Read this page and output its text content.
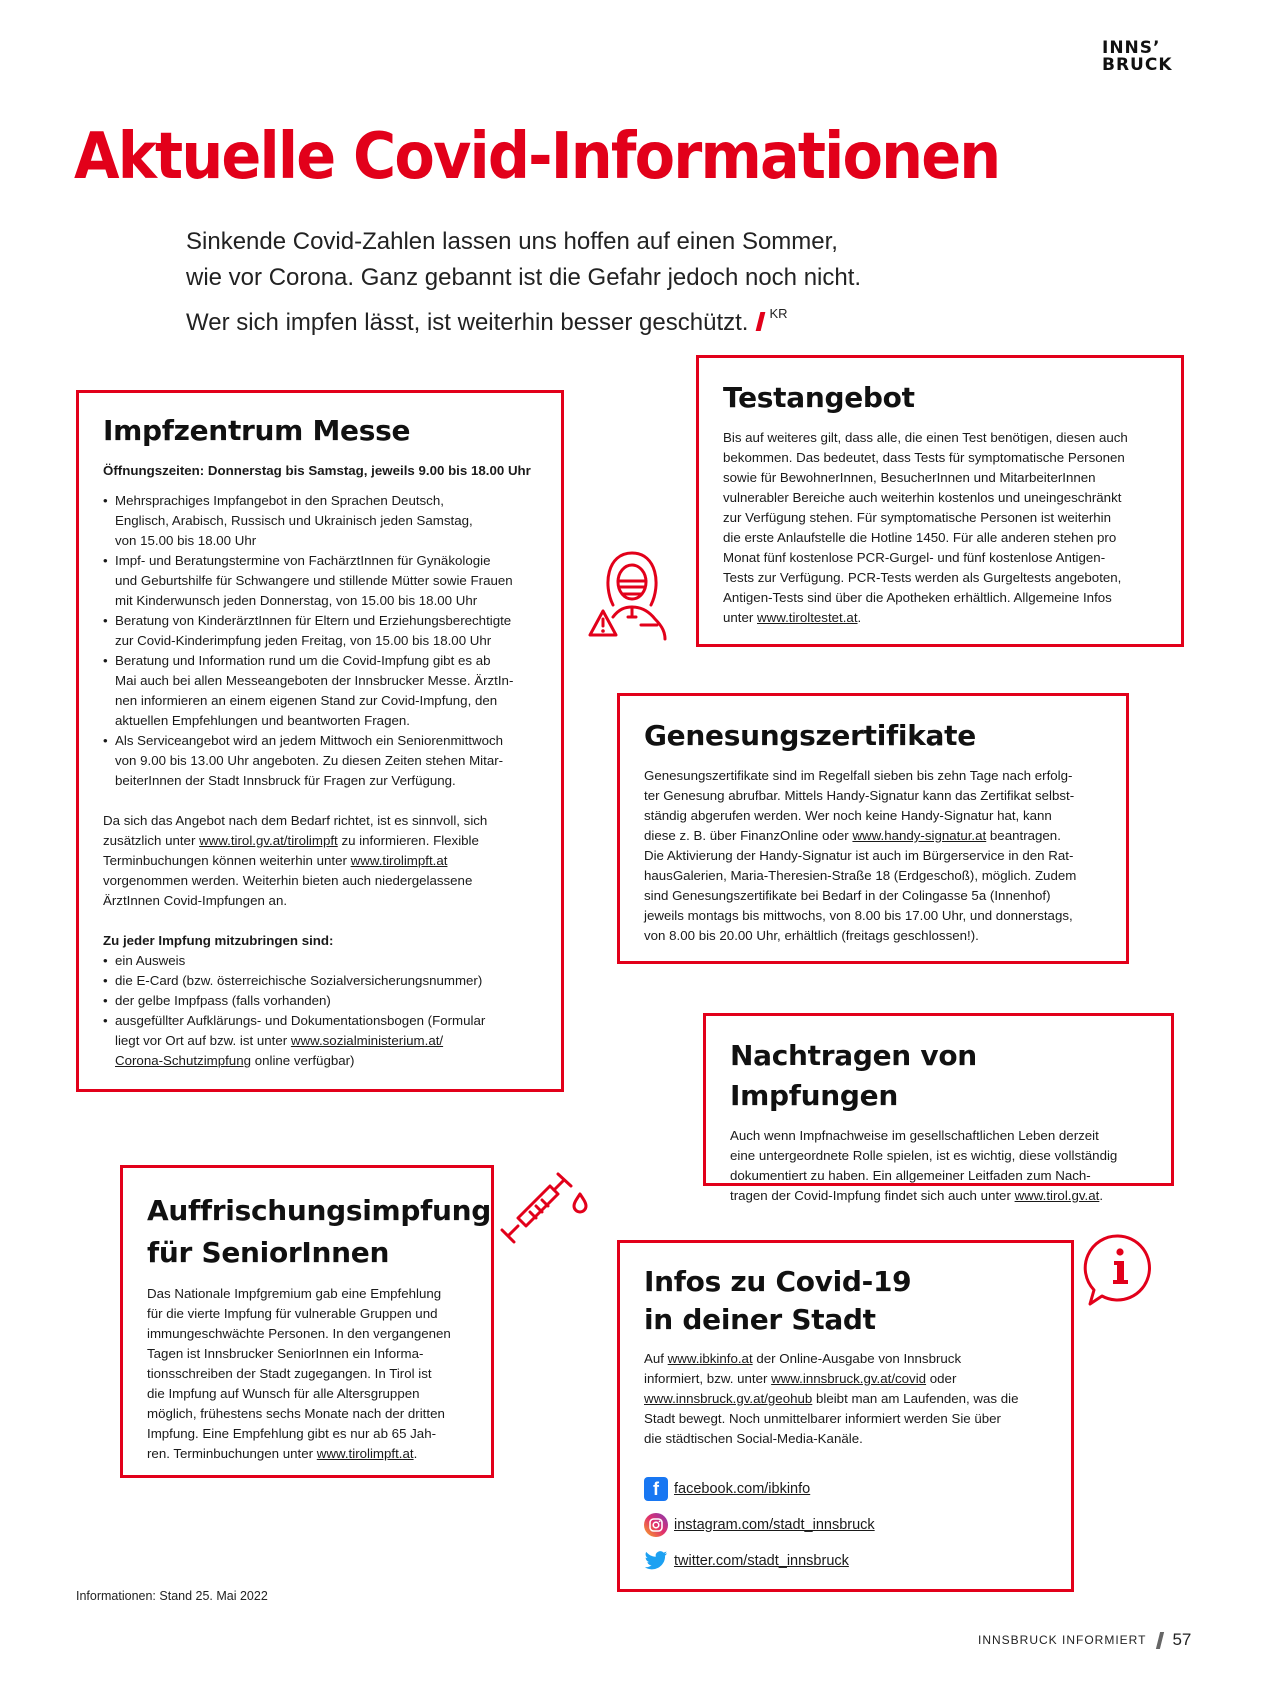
INNS’
BRUCK
Aktuelle Covid-Informationen
Sinkende Covid-Zahlen lassen uns hoffen auf einen Sommer,
wie vor Corona. Ganz gebannt ist die Gefahr jedoch noch nicht.
Wer sich impfen lässt, ist weiterhin besser geschützt. $^{KR}$
Impfzentrum Messe

Öffnungszeiten: Donnerstag bis Samstag, jeweils 9.00 bis 18.00 Uhr

• Mehrsprachiges Impfangebot in den Sprachen Deutsch,
Englisch, Arabisch, Russisch und Ukrainisch jeden Samstag,
von 15.00 bis 18.00 Uhr
• Impf- und Beratungstermine von FachärztInnen für Gynäkologie
und Geburtshilfe für Schwangere und stillende Mütter sowie Frauen
mit Kinderwunsch jeden Donnerstag, von 15.00 bis 18.00 Uhr
• Beratung von KinderärztInnen für Eltern und Erziehungsberechtigte
zur Covid-Kinderimpfung jeden Freitag, von 15.00 bis 18.00 Uhr
• Beratung und Information rund um die Covid-Impfung gibt es ab
Mai auch bei allen Messeangeboten der Innsbrucker Messe. ÄrztIn-
nen informieren an einem eigenen Stand zur Covid-Impfung, den
aktuellen Empfehlungen und beantworten Fragen.
• Als Serviceangebot wird an jedem Mittwoch ein Seniorenmittwoch
von 9.00 bis 13.00 Uhr angeboten. Zu diesen Zeiten stehen Mitar-
beiterInnen der Stadt Innsbruck für Fragen zur Verfügung.
Da sich das Angebot nach dem Bedarf richtet, ist es sinnvoll, sich
zusätzlich unter www.tirol.gv.at/tirolimpft zu informieren. Flexible
Terminbuchungen können weiterhin unter www.tirolimpft.at
vorgenommen werden. Weiterhin bieten auch niedergelassene
ÄrztInnen Covid-Impfungen an.

Zu jeder Impfung mitzubringen sind:

• ein Ausweis
• die E-Card (bzw. österreichische Sozialversicherungsnummer)
• der gelbe Impfpass (falls vorhanden)
• ausgefüllter Aufklärungs- und Dokumentationsbogen (Formular
liegt vor Ort auf bzw. ist unter www.sozialministerium.at/
Corona-Schutzimpfung online verfügbar)
Testangebot
Bis auf weiteres gilt, dass alle, die einen Test benötigen, diesen auch
bekommen. Das bedeutet, dass Tests für symptomatische Personen
sowie für BewohnerInnen, BesucherInnen und MitarbeiterInnen
vulnerabler Bereiche auch weiterhin kostenlos und uneingeschränkt
zur Verfügung stehen. Für symptomatische Personen ist weiterhin
die erste Anlaufstelle die Hotline 1450. Für alle anderen stehen pro
Monat fünf kostenlose PCR-Gurgel- und fünf kostenlose Antigen-
Tests zur Verfügung. PCR-Tests werden als Gurgeltests angeboten,
Antigen-Tests sind über die Apotheken erhältlich. Allgemeine Infos
unter www.tiroltestet.at.
Genesungszertifikate
Genesungszertifikate sind im Regelfall sieben bis zehn Tage nach erfolg-
ter Genesung abrufbar. Mittels Handy-Signatur kann das Zertifikat selbst-
ständig abgerufen werden. Wer noch keine Handy-Signatur hat, kann
diese z. B. über FinanzOnline oder www.handy-signatur.at beantragen.
Die Aktivierung der Handy-Signatur ist auch im Bürgerservice in den Rat-
hausGalerien, Maria-Theresien-Straße 18 (Erdgeschoß), möglich. Zudem
sind Genesungszertifikate bei Bedarf in der Colingasse 5a (Innenhof)
jeweils montags bis mittwochs, von 8.00 bis 17.00 Uhr, und donnerstags,
von 8.00 bis 20.00 Uhr, erhältlich (freitags geschlossen!).
Nachtragen von Impfungen
Auch wenn Impfnachweise im gesellschaftlichen Leben derzeit
eine untergeordnete Rolle spielen, ist es wichtig, diese vollständig
dokumentiert zu haben. Ein allgemeiner Leitfaden zum Nach-
tragen der Covid-Impfung findet sich auch unter www.tirol.gv.at.
Auffrischungsimpfung
für SeniorInnen
Das Nationale Impfgremium gab eine Empfehlung
für die vierte Impfung für vulnerable Gruppen und
immungeschwächte Personen. In den vergangenen
Tagen ist Innsbrucker SeniorInnen ein Informa-
tionsschreiben der Stadt zugegangen. In Tirol ist
die Impfung auf Wunsch für alle Altersgruppen
möglich, frühestens sechs Monate nach der dritten
Impfung. Eine Empfehlung gibt es nur ab 65 Jah-
ren. Terminbuchungen unter www.tirolimpft.at.
Infos zu Covid-19
in deiner Stadt
Auf www.ibkinfo.at der Online-Ausgabe von Innsbruck
informiert, bzw. unter www.innsbruck.gv.at/covid oder
www.innsbruck.gv.at/geohub bleibt man am Laufenden, was die
Stadt bewegt. Noch unmittelbarer informiert werden Sie über
die städtischen Social-Media-Kanäle.
f	facebook.com/ibkinfo
instagram.com/stadt_innsbruck
twitter.com/stadt_innsbruck
Informationen: Stand 25. Mai 2022
INNSBRUCK INFORMIERT 57
